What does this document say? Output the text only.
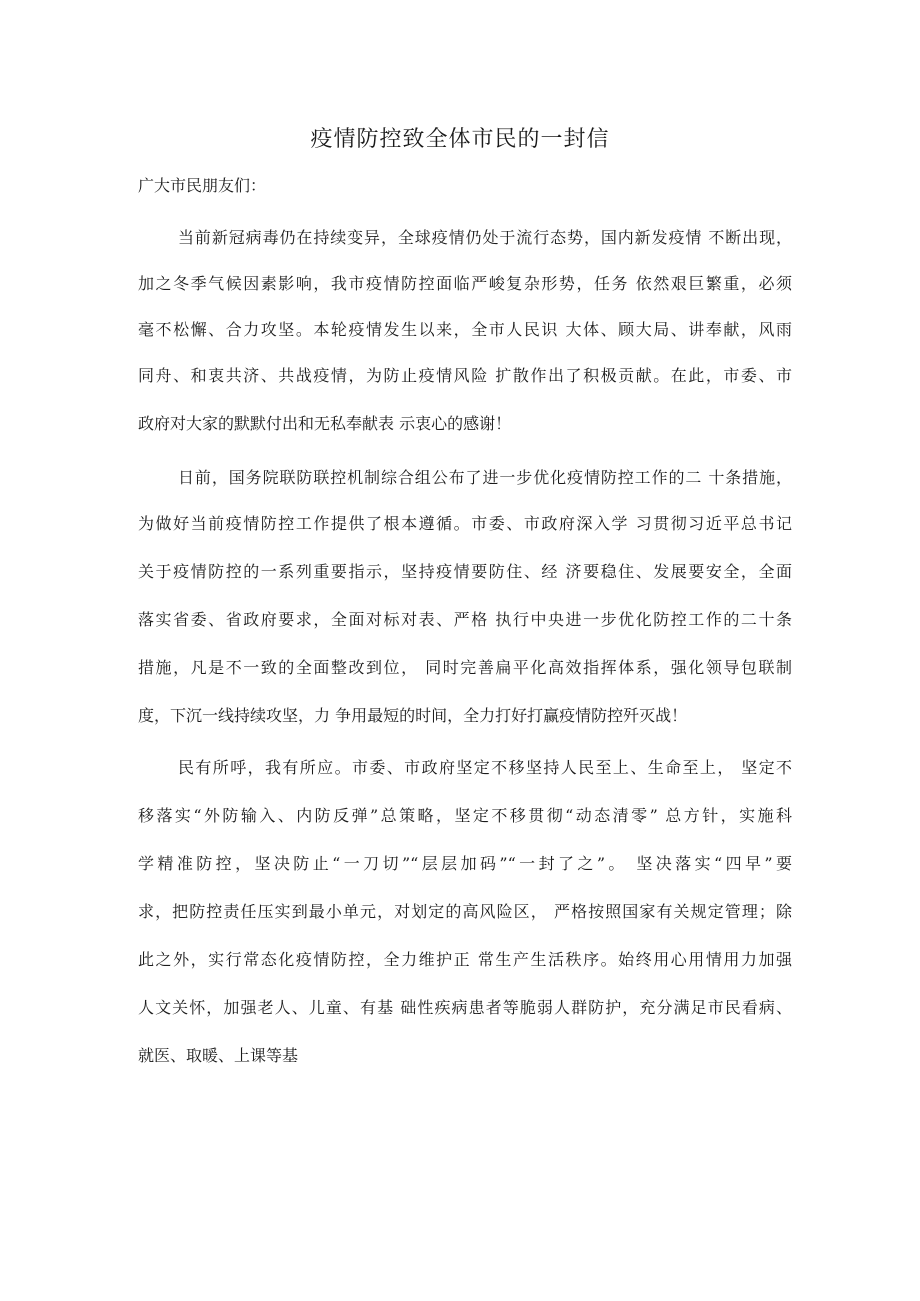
疫情防控致全体市民的一封信

广大市民朋友们：

当前新冠病毒仍在持续变异，全球疫情仍处于流行态势，国内新发疫情 不断出现，

加之冬季气候因素影响，我市疫情防控面临严峻复杂形势，任务 依然艰巨繁重，必须

毫不松懈、合力攻坚。本轮疫情发生以来，全市人民识 大体、顾大局、讲奉献，风雨

同舟、和衷共济、共战疫情，为防止疫情风险 扩散作出了积极贡献。在此，市委、市

政府对大家的默默付出和无私奉献表 示衷心的感谢！

日前，国务院联防联控机制综合组公布了进一步优化疫情防控工作的二 十条措施，

为做好当前疫情防控工作提供了根本遵循。市委、市政府深入学 习贯彻习近平总书记

关于疫情防控的一系列重要指示，坚持疫情要防住、经 济要稳住、发展要安全，全面

落实省委、省政府要求，全面对标对表、严格 执行中央进一步优化防控工作的二十条

措施，凡是不一致的全面整改到位， 同时完善扁平化高效指挥体系，强化领导包联制

度，下沉一线持续攻坚，力 争用最短的时间，全力打好打赢疫情防控歼灭战！

民有所呼，我有所应。市委、市政府坚定不移坚持人民至上、生命至上， 坚定不

移落实“外防输入、内防反弹”总策略，坚定不移贯彻“动态清零” 总方针，实施科

学精准防控，坚决防止“一刀切”“层层加码”“一封了之”。 坚决落实“四早”要

求，把防控责任压实到最小单元，对划定的高风险区， 严格按照国家有关规定管理；除

此之外，实行常态化疫情防控，全力维护正 常生产生活秩序。始终用心用情用力加强

人文关怀，加强老人、儿童、有基 础性疾病患者等脆弱人群防护，充分满足市民看病、

就医、取暖、上课等基
